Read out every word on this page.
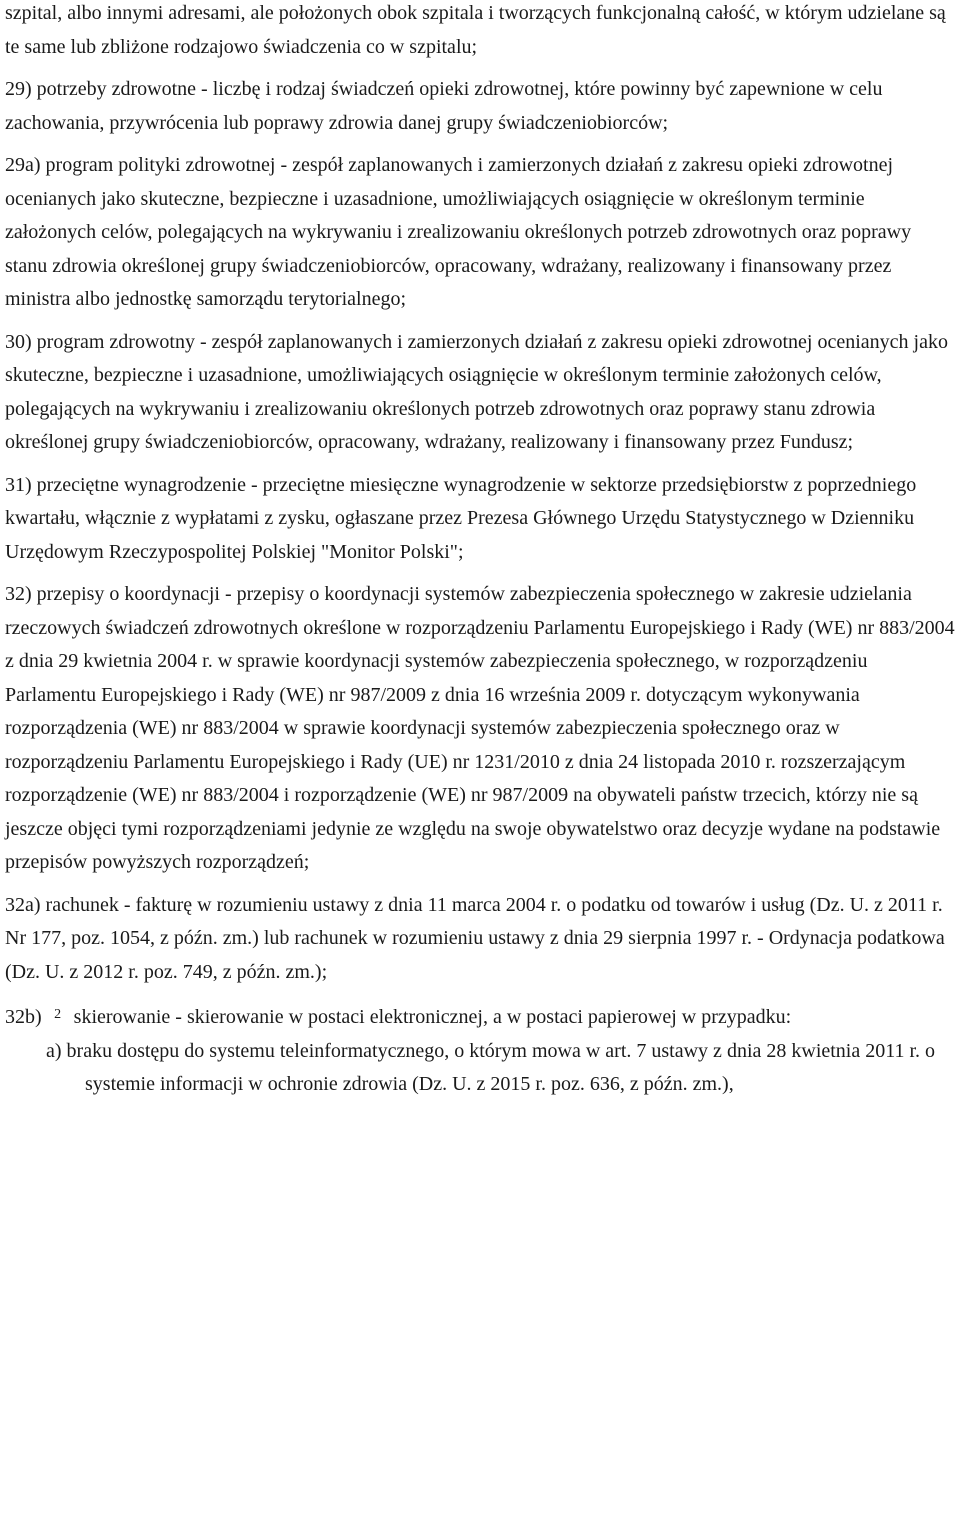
szpital, albo innymi adresami, ale położonych obok szpitala i tworzących funkcjonalną całość, w którym udzielane są te same lub zbliżone rodzajowo świadczenia co w szpitalu;

29) potrzeby zdrowotne - liczbę i rodzaj świadczeń opieki zdrowotnej, które powinny być zapewnione w celu zachowania, przywrócenia lub poprawy zdrowia danej grupy świadczeniobiorców;

29a) program polityki zdrowotnej - zespół zaplanowanych i zamierzonych działań z zakresu opieki zdrowotnej ocenianych jako skuteczne, bezpieczne i uzasadnione, umożliwiających osiągnięcie w określonym terminie założonych celów, polegających na wykrywaniu i zrealizowaniu określonych potrzeb zdrowotnych oraz poprawy stanu zdrowia określonej grupy świadczeniobiorców, opracowany, wdrażany, realizowany i finansowany przez ministra albo jednostkę samorządu terytorialnego;

30) program zdrowotny - zespół zaplanowanych i zamierzonych działań z zakresu opieki zdrowotnej ocenianych jako skuteczne, bezpieczne i uzasadnione, umożliwiających osiągnięcie w określonym terminie założonych celów, polegających na wykrywaniu i zrealizowaniu określonych potrzeb zdrowotnych oraz poprawy stanu zdrowia określonej grupy świadczeniobiorców, opracowany, wdrażany, realizowany i finansowany przez Fundusz;

31) przeciętne wynagrodzenie - przeciętne miesięczne wynagrodzenie w sektorze przedsiębiorstw z poprzedniego kwartału, włącznie z wypłatami z zysku, ogłaszane przez Prezesa Głównego Urzędu Statystycznego w Dzienniku Urzędowym Rzeczypospolitej Polskiej "Monitor Polski";

32) przepisy o koordynacji - przepisy o koordynacji systemów zabezpieczenia społecznego w zakresie udzielania rzeczowych świadczeń zdrowotnych określone w rozporządzeniu Parlamentu Europejskiego i Rady (WE) nr 883/2004 z dnia 29 kwietnia 2004 r. w sprawie koordynacji systemów zabezpieczenia społecznego, w rozporządzeniu Parlamentu Europejskiego i Rady (WE) nr 987/2009 z dnia 16 września 2009 r. dotyczącym wykonywania rozporządzenia (WE) nr 883/2004 w sprawie koordynacji systemów zabezpieczenia społecznego oraz w rozporządzeniu Parlamentu Europejskiego i Rady (UE) nr 1231/2010 z dnia 24 listopada 2010 r. rozszerzającym rozporządzenie (WE) nr 883/2004 i rozporządzenie (WE) nr 987/2009 na obywateli państw trzecich, którzy nie są jeszcze objęci tymi rozporządzeniami jedynie ze względu na swoje obywatelstwo oraz decyzje wydane na podstawie przepisów powyższych rozporządzeń;

32a) rachunek - fakturę w rozumieniu ustawy z dnia 11 marca 2004 r. o podatku od towarów i usług (Dz. U. z 2011 r. Nr 177, poz. 1054, z późn. zm.) lub rachunek w rozumieniu ustawy z dnia 29 sierpnia 1997 r. - Ordynacja podatkowa (Dz. U. z 2012 r. poz. 749, z późn. zm.);

32b) 2 skierowanie - skierowanie w postaci elektronicznej, a w postaci papierowej w przypadku:

a) braku dostępu do systemu teleinformatycznego, o którym mowa w art. 7 ustawy z dnia 28 kwietnia 2011 r. o systemie informacji w ochronie zdrowia (Dz. U. z 2015 r. poz. 636, z późn. zm.),
